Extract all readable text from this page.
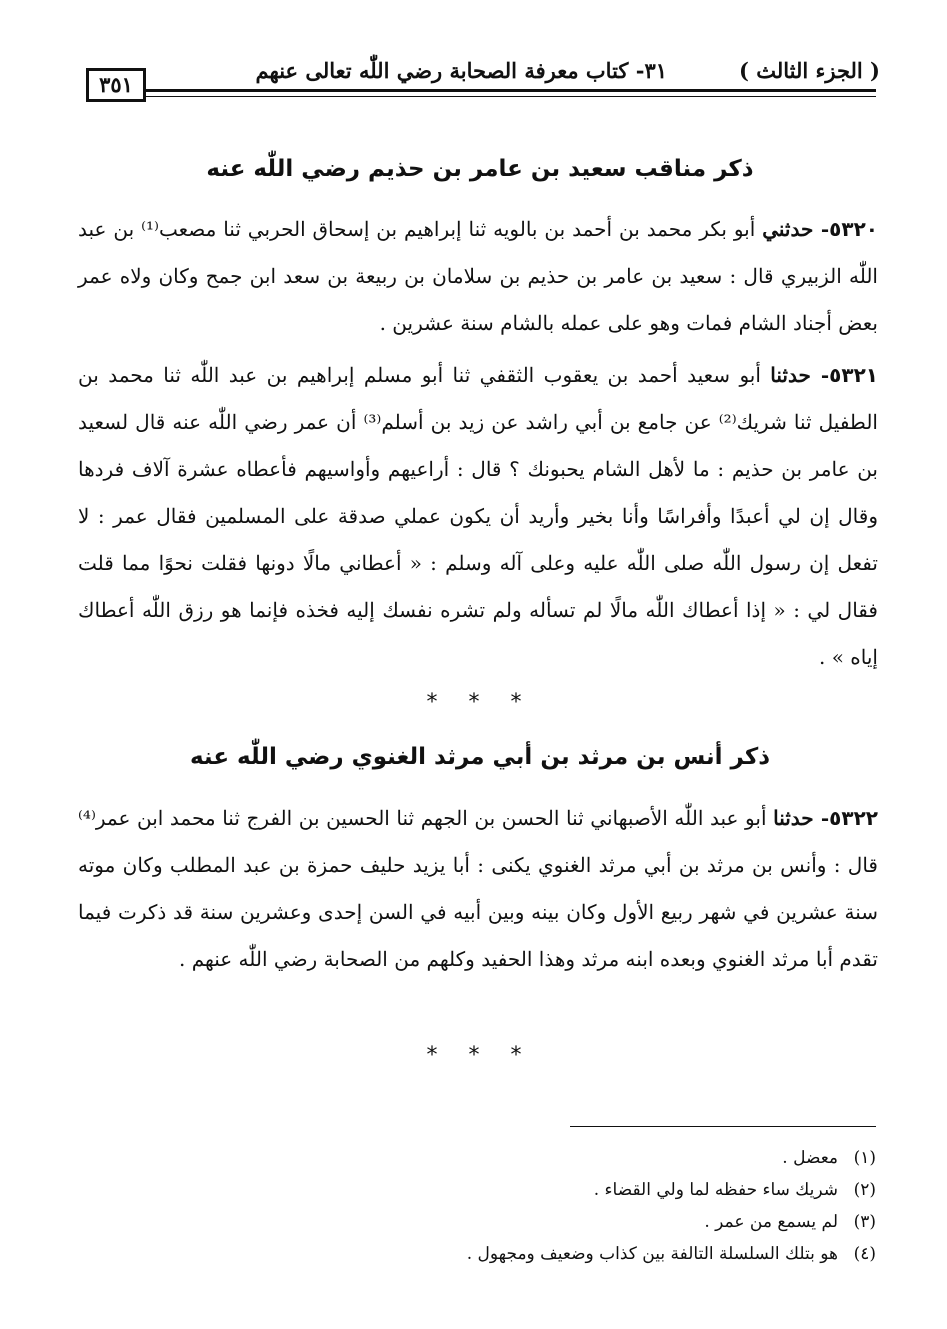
( الجزء الثالث )
٣١- كتاب معرفة الصحابة رضي اللّٰه تعالى عنهم
٣٥١
ذكر مناقب سعيد بن عامر بن حذيم رضي اللّٰه عنه
٥٣٢٠- حدثني أبو بكر محمد بن أحمد بن بالويه ثنا إبراهيم بن إسحاق الحربي ثنا مصعب⁽¹⁾ بن عبد اللّٰه الزبيري قال : سعيد بن عامر بن حذيم بن سلامان بن ربيعة بن سعد ابن جمح وكان ولاه عمر بعض أجناد الشام فمات وهو على عمله بالشام سنة عشرين .
٥٣٢١- حدثنا أبو سعيد أحمد بن يعقوب الثقفي ثنا أبو مسلم إبراهيم بن عبد اللّٰه ثنا محمد بن الطفيل ثنا شريك⁽²⁾ عن جامع بن أبي راشد عن زيد بن أسلم⁽³⁾ أن عمر رضي اللّٰه عنه قال لسعيد بن عامر بن حذيم : ما لأهل الشام يحبونك ؟ قال : أراعيهم وأواسيهم فأعطاه عشرة آلاف فردها وقال إن لي أعبدًا وأفراسًا وأنا بخير وأريد أن يكون عملي صدقة على المسلمين فقال عمر : لا تفعل إن رسول اللّٰه صلى اللّٰه عليه وعلى آله وسلم : « أعطاني مالًا دونها فقلت نحوًا مما قلت فقال لي : « إذا أعطاك اللّٰه مالًا لم تسأله ولم تشره نفسك إليه فخذه فإنما هو رزق اللّٰه أعطاك إياه » .
* * *
ذكر أنس بن مرثد بن أبي مرثد الغنوي رضي اللّٰه عنه
٥٣٢٢- حدثنا أبو عبد اللّٰه الأصبهاني ثنا الحسن بن الجهم ثنا الحسين بن الفرج ثنا محمد ابن عمر⁽⁴⁾ قال : وأنس بن مرثد بن أبي مرثد الغنوي يكنى : أبا يزيد حليف حمزة بن عبد المطلب وكان موته سنة عشرين في شهر ربيع الأول وكان بينه وبين أبيه في السن إحدى وعشرين سنة قد ذكرت فيما تقدم أبا مرثد الغنوي وبعده ابنه مرثد وهذا الحفيد وكلهم من الصحابة رضي اللّٰه عنهم .
* * *
(١)معضل .
(٢)شريك ساء حفظه لما ولي القضاء .
(٣)لم يسمع من عمر .
(٤)هو بتلك السلسلة التالفة بين كذاب وضعيف ومجهول .
